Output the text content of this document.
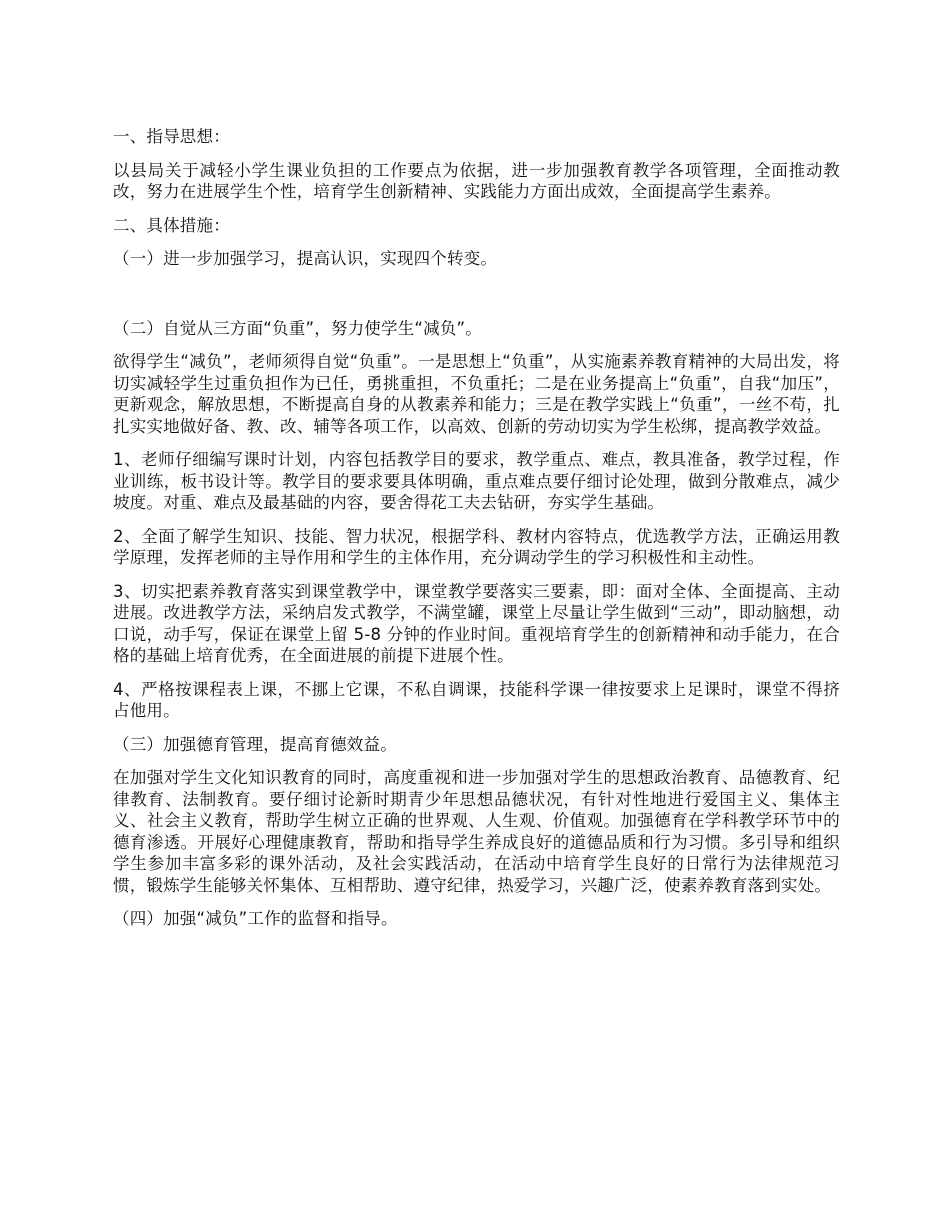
一、指导思想：
以县局关于减轻小学生课业负担的工作要点为依据，进一步加强教育教学各项管理，全面推动教改，努力在进展学生个性，培育学生创新精神、实践能力方面出成效，全面提高学生素养。
二、具体措施：
（一）进一步加强学习，提高认识，实现四个转变。
（二）自觉从三方面“负重”，努力使学生“减负”。
欲得学生“减负”，老师须得自觉“负重”。一是思想上“负重”，从实施素养教育精神的大局出发，将切实减轻学生过重负担作为已任，勇挑重担，不负重托；二是在业务提高上“负重”，自我“加压”，更新观念，解放思想，不断提高自身的从教素养和能力；三是在教学实践上“负重”，一丝不苟，扎扎实实地做好备、教、改、辅等各项工作，以高效、创新的劳动切实为学生松绑，提高教学效益。
1、老师仔细编写课时计划，内容包括教学目的要求，教学重点、难点，教具准备，教学过程，作业训练，板书设计等。教学目的要求要具体明确，重点难点要仔细讨论处理，做到分散难点，减少坡度。对重、难点及最基础的内容，要舍得花工夫去钻研，夯实学生基础。
2、全面了解学生知识、技能、智力状况，根据学科、教材内容特点，优选教学方法，正确运用教学原理，发挥老师的主导作用和学生的主体作用，充分调动学生的学习积极性和主动性。
3、切实把素养教育落实到课堂教学中，课堂教学要落实三要素，即：面对全体、全面提高、主动进展。改进教学方法，采纳启发式教学，不满堂罐，课堂上尽量让学生做到“三动”，即动脑想，动口说，动手写，保证在课堂上留 5-8 分钟的作业时间。重视培育学生的创新精神和动手能力，在合格的基础上培育优秀，在全面进展的前提下进展个性。
4、严格按课程表上课，不挪上它课，不私自调课，技能科学课一律按要求上足课时，课堂不得挤占他用。
（三）加强德育管理，提高育德效益。
在加强对学生文化知识教育的同时，高度重视和进一步加强对学生的思想政治教育、品德教育、纪律教育、法制教育。要仔细讨论新时期青少年思想品德状况，有针对性地进行爱国主义、集体主义、社会主义教育，帮助学生树立正确的世界观、人生观、价值观。加强德育在学科教学环节中的德育渗透。开展好心理健康教育，帮助和指导学生养成良好的道德品质和行为习惯。多引导和组织学生参加丰富多彩的课外活动，及社会实践活动，在活动中培育学生良好的日常行为法律规范习惯，锻炼学生能够关怀集体、互相帮助、遵守纪律，热爱学习，兴趣广泛，使素养教育落到实处。
（四）加强“减负”工作的监督和指导。
